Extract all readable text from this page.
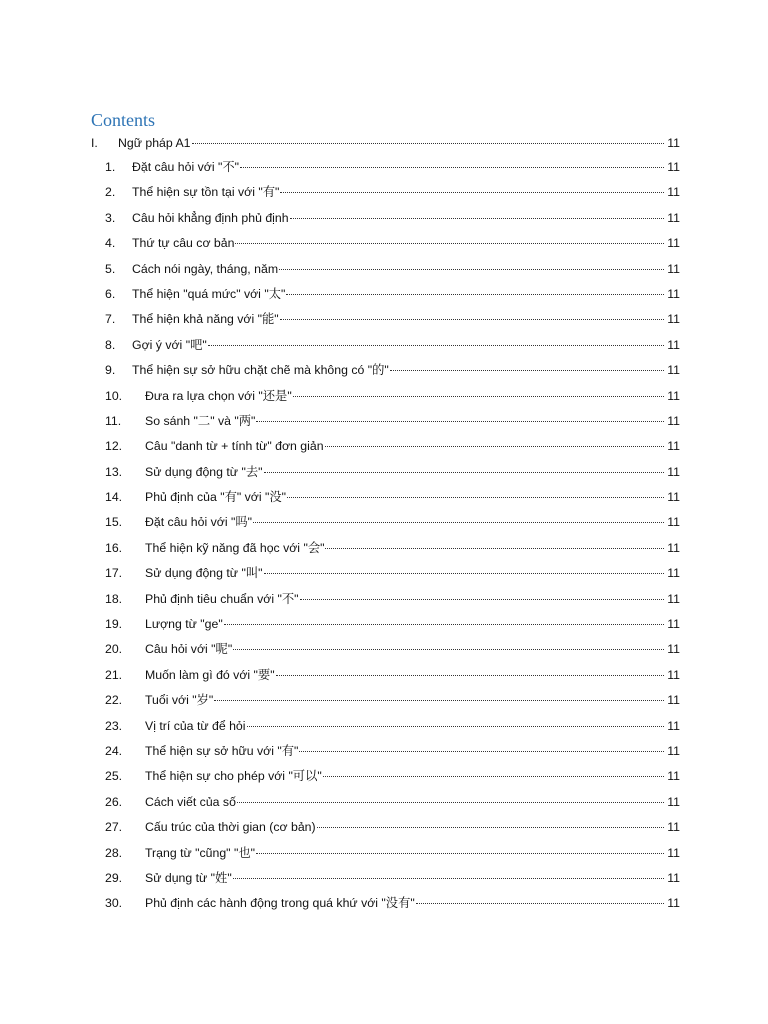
Contents
I.	Ngữ pháp A1	11
1.	Đặt câu hỏi với "不"	11
2.	Thể hiện sự tồn tại với "有"	11
3.	Câu hỏi khẳng định phủ định	11
4.	Thứ tự câu cơ bản	11
5.	Cách nói ngày, tháng, năm	11
6.	Thể hiện "quá mức" với "太"	11
7.	Thể hiện khả năng với "能"	11
8.	Gợi ý với "吧"	11
9.	Thể hiện sự sở hữu chặt chẽ mà không có "的"	11
10.	Đưa ra lựa chọn với "还是"	11
11.	So sánh "二" và "两"	11
12.	Câu "danh từ + tính từ" đơn giản	11
13.	Sử dụng động từ "去"	11
14.	Phủ định của "有" với "没"	11
15.	Đặt câu hỏi với "吗"	11
16.	Thể hiện kỹ năng đã học với "会"	11
17.	Sử dụng động từ "叫"	11
18.	Phủ định tiêu chuẩn với "不"	11
19.	Lượng từ "ge"	11
20.	Câu hỏi với "呢"	11
21.	Muốn làm gì đó với "要"	11
22.	Tuổi với "岁"	11
23.	Vị trí của từ để hỏi	11
24.	Thể hiện sự sở hữu với "有"	11
25.	Thể hiện sự cho phép với "可以"	11
26.	Cách viết của số	11
27.	Cấu trúc của thời gian (cơ bản)	11
28.	Trạng từ "cũng" "也"	11
29.	Sử dụng từ "姓"	11
30.	Phủ định các hành động trong quá khứ với "没有"	11
